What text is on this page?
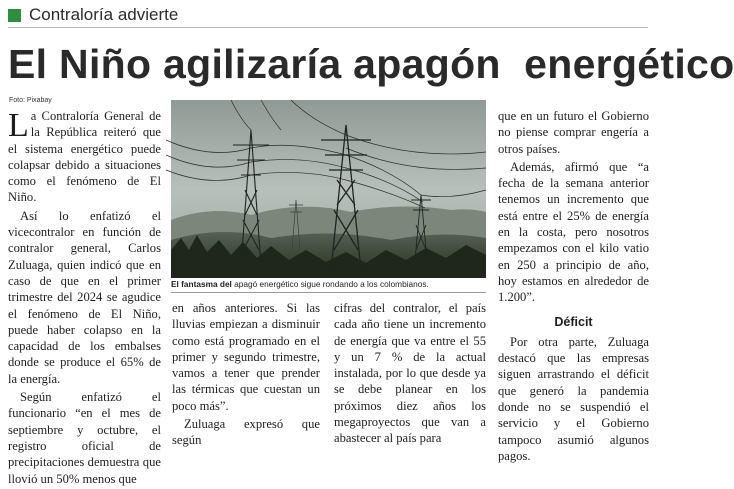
Contraloría advierte
El Niño agilizaría apagón  energético
Foto: Pixabay

La Contraloría General de la República reiteró que el sistema energético puede colapsar debido a situaciones como el fenómeno de El Niño.

Así lo enfatizó el vicecontralor en función de contralor general, Carlos Zuluaga, quien indicó que en caso de que en el primer trimestre del 2024 se agudice el fenómeno de El Niño, puede haber colapso en la capacidad de los embalses donde se produce el 65% de la energía.

Según enfatizó el funcionario “en el mes de septiembre y octubre, el registro oficial de precipitaciones demuestra que llovió un 50% menos que

El fantasma del apagó energético sigue rondando a los colombianos.

en años anteriores. Si las lluvias empiezan a disminuir como está programado en el primer y segundo trimestre, vamos a tener que prender las térmicas que cuestan un poco más”.

Zuluaga expresó que según

cifras del contralor, el país cada año tiene un incremento de energía que va entre el 55 y un 7 % de la actual instalada, por lo que desde ya se debe planear en los próximos diez años los megaproyectos que van a abastecer al país para

que en un futuro el Gobierno no piense comprar engería a otros países.

Además, afirmó que “a fecha de la semana anterior tenemos un incremento que está entre el 25% de energía en la costa, pero nosotros empezamos con el kilo vatio en 250 a principio de año, hoy estamos en alrededor de 1.200”.

Déficit

Por otra parte, Zuluaga destacó que las empresas siguen arrastrando el déficit que generó la pandemia donde no se suspendió el servicio y el Gobierno tampoco asumió algunos pagos.
